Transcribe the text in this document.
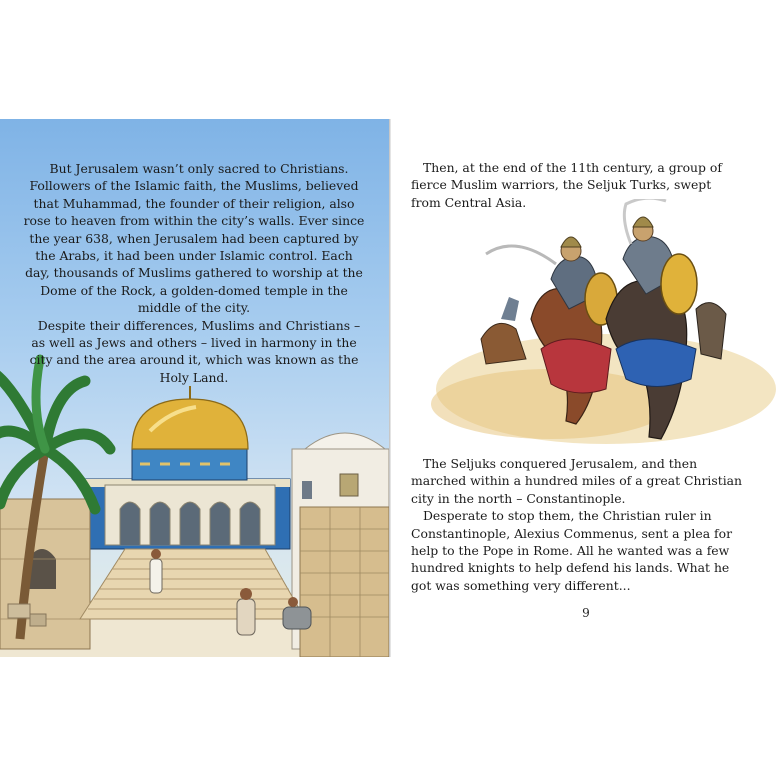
But Jerusalem wasn’t only sacred to Christians. Followers of the Islamic faith, the Muslims, believed that Muhammad, the founder of their religion, also rose to heaven from within the city’s walls. Ever since the year 638, when Jerusalem had been captured by the Arabs, it had been under Islamic control. Each day, thousands of Muslims gathered to worship at the Dome of the Rock, a golden-domed temple in the middle of the city.

Despite their differences, Muslims and Christians – as well as Jews and others – lived in harmony in the city and the area around it, which was known as the Holy Land.

Then, at the end of the 11th century, a group of fierce Muslim warriors, the Seljuk Turks, swept from Central Asia.

The Seljuks conquered Jerusalem, and then marched within a hundred miles of a great Christian city in the north – Constantinople.

Desperate to stop them, the Christian ruler in Constantinople, Alexius Commenus, sent a plea for help to the Pope in Rome. All he wanted was a few hundred knights to help defend his lands. What he got was something very different...

9
